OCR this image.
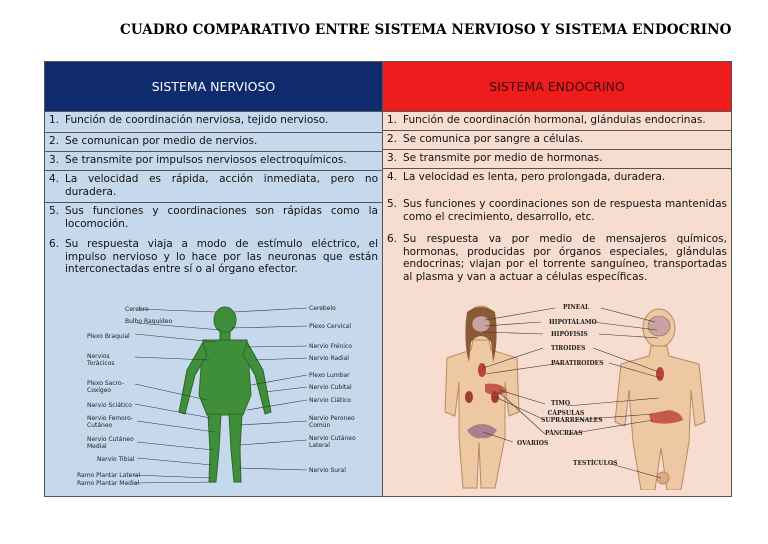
CUADRO COMPARATIVO ENTRE SISTEMA NERVIOSO Y SISTEMA ENDOCRINO
SISTEMA NERVIOSO
1. Función de coordinación nerviosa, tejido nervioso.
2. Se comunican por medio de nervios.
3. Se transmite por impulsos nerviosos electroquímicos.
4. La velocidad es rápida, acción inmediata, pero no duradera.
5. Sus funciones y coordinaciones son rápidas como la locomoción.
6. Su respuesta viaja a modo de estímulo eléctrico, el impulso nervioso y lo hace por las neuronas que están interconectadas entre sí o al órgano efector.
Cerebro
Bulbo Raquídeo
Plexo Braquial
Nervios Torácicos
Plexo Sacro-Coxígeo
Nervio Sciático
Nervio Femoro-Cutáneo
Nervio Cutáneo Medial
Nervio Tibial
Ramo Plantar Lateral
Ramo Plantar Medial
Cerebelo
Plexo Cervical
Nervio Frénico
Nervio Radial
Plexo Lumbar
Nervio Cubital
Nervio Ciático
Nervio Peroneo Común
Nervio Cutáneo Lateral
Nervio Sural
SISTEMA ENDOCRINO
1. Función de coordinación hormonal, glándulas endocrinas.
2. Se comunica por sangre a células.
3. Se transmite por medio de hormonas.
4. La velocidad es lenta, pero prolongada, duradera.
5. Sus funciones y coordinaciones son de respuesta mantenidas como el crecimiento, desarrollo, etc.
6. Su respuesta va por medio de mensajeros químicos, hormonas, producidas por órganos especiales, glándulas endocrinas; viajan por el torrente sanguíneo, transportadas al plasma y van a actuar a células específicas.
PINEAL
HIPOTÁLAMO
HIPÓFISIS
TIROIDES
PARATIROIDES
TIMO
CÁPSULAS SUPRARRENALES
PÁNCREAS
OVARIOS
TESTÍCULOS
